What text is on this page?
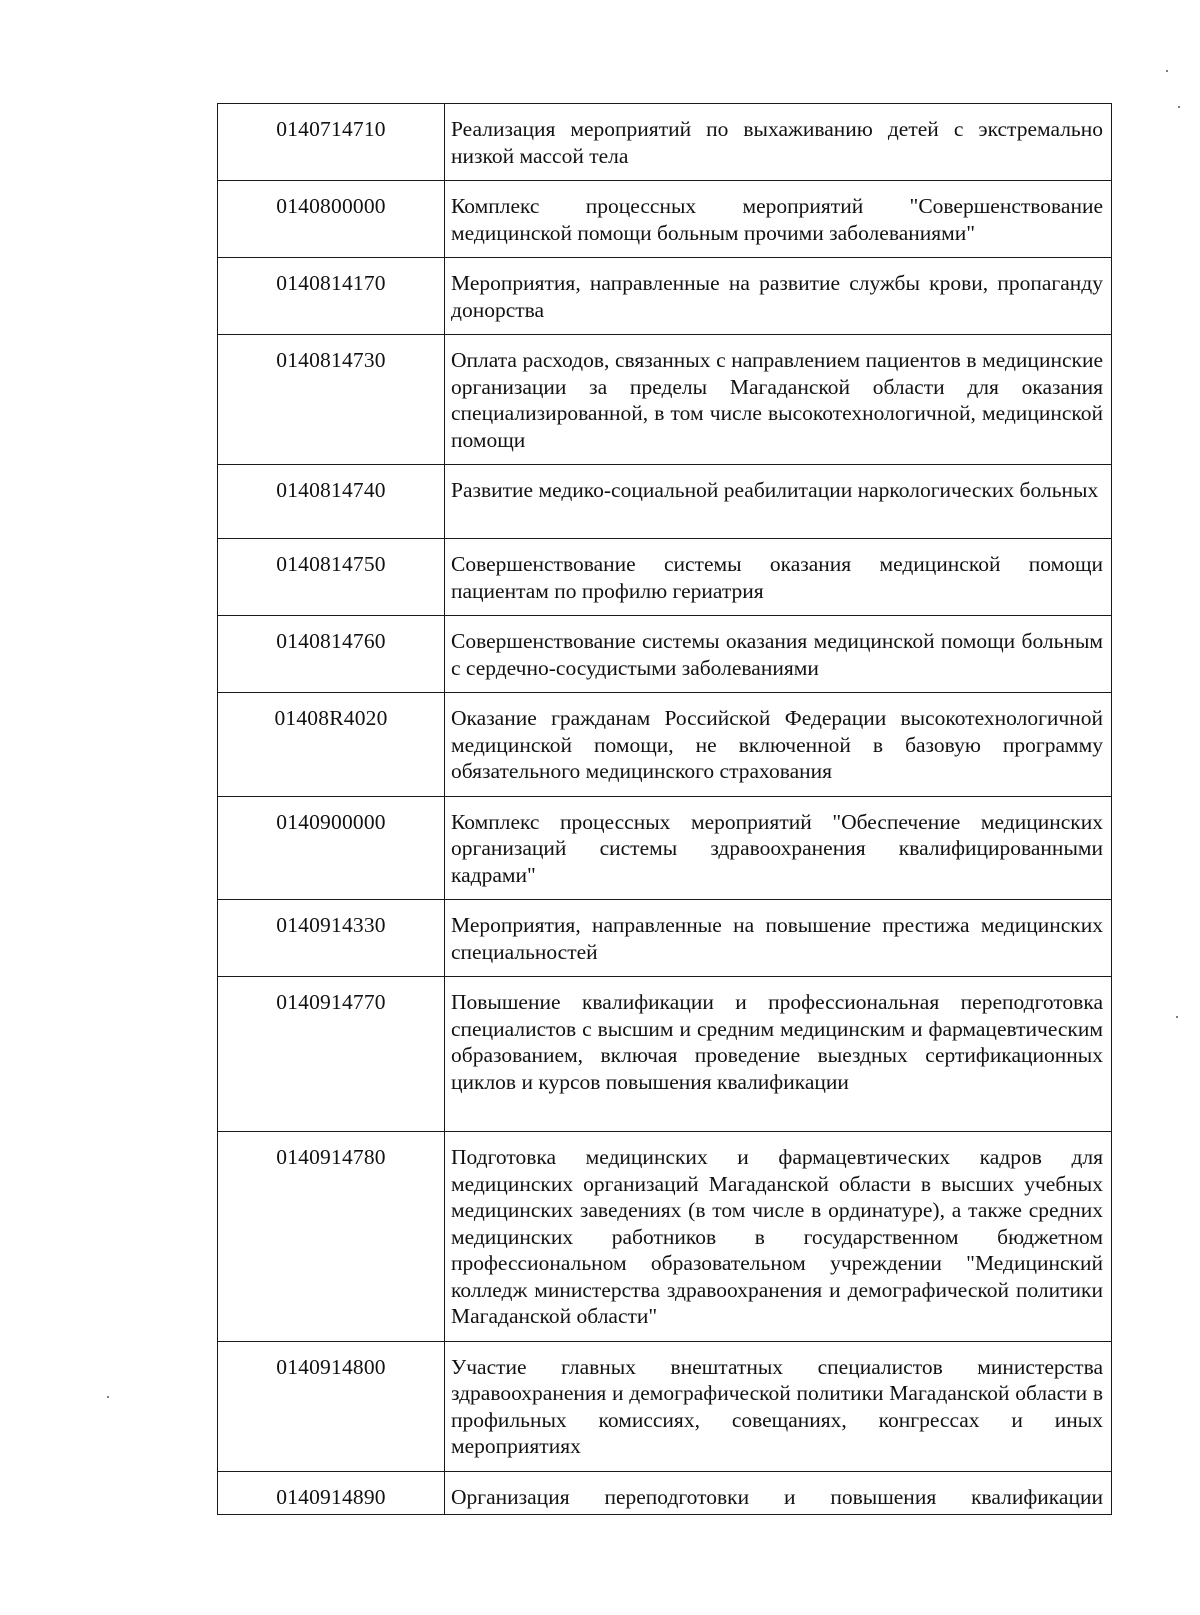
0140714710	Реализация мероприятий по выхаживанию детей с экстремально низкой массой тела
0140800000	Комплекс процессных мероприятий "Совершенствование медицинской помощи больным прочими заболеваниями"
0140814170	Мероприятия, направленные на развитие службы крови, пропаганду донорства
0140814730	Оплата расходов, связанных с направлением пациентов в медицинские организации за пределы Магаданской области для оказания специализированной, в том числе высокотехнологичной, медицинской помощи
0140814740	Развитие медико-социальной реабилитации наркологических больных
0140814750	Совершенствование системы оказания медицинской помощи пациентам по профилю гериатрия
0140814760	Совершенствование системы оказания медицинской помощи больным с сердечно-сосудистыми заболеваниями
01408R4020	Оказание гражданам Российской Федерации высокотехнологичной медицинской помощи, не включенной в базовую программу обязательного медицинского страхования
0140900000	Комплекс процессных мероприятий "Обеспечение медицинских организаций системы здравоохранения квалифицированными кадрами"
0140914330	Мероприятия, направленные на повышение престижа медицинских специальностей
0140914770	Повышение квалификации и профессиональная переподготовка специалистов с высшим и средним медицинским и фармацевтическим образованием, включая проведение выездных сертификационных циклов и курсов повышения квалификации
0140914780	Подготовка медицинских и фармацевтических кадров для медицинских организаций Магаданской области в высших учебных медицинских заведениях (в том числе в ординатуре), а также средних медицинских работников в государственном бюджетном профессиональном образовательном учреждении "Медицинский колледж министерства здравоохранения и демографической политики Магаданской области"
0140914800	Участие главных внештатных специалистов министерства здравоохранения и демографической политики Магаданской области в профильных комиссиях, совещаниях, конгрессах и иных мероприятиях
0140914890	Организация переподготовки и повышения квалификации
